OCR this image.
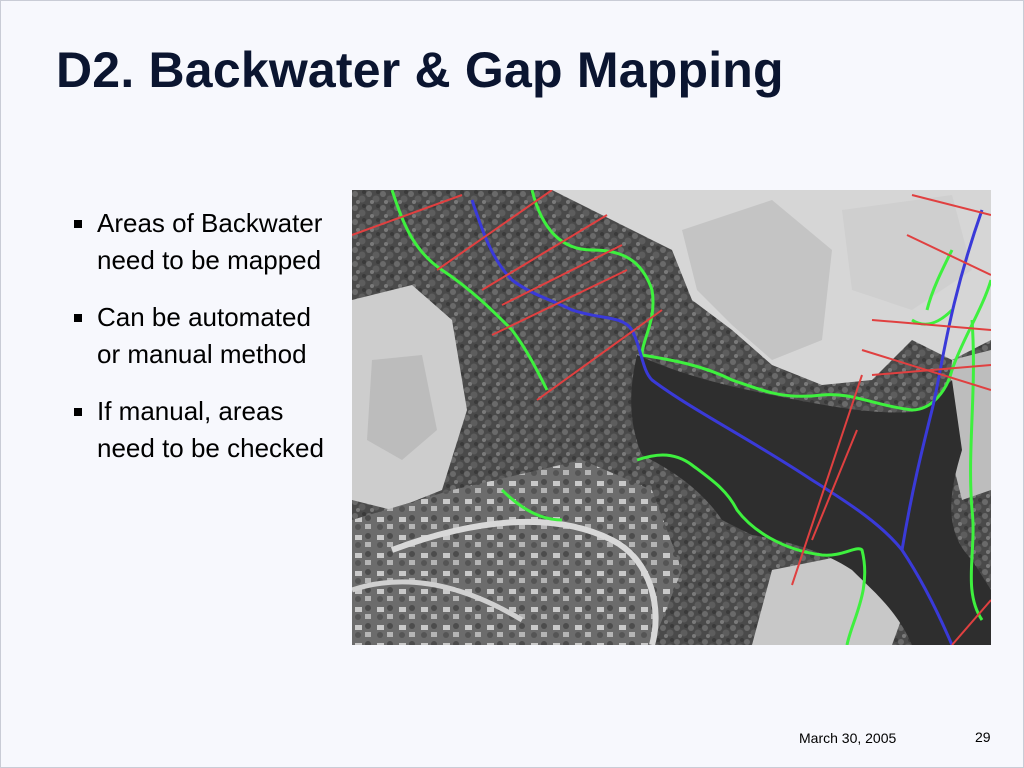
D2. Backwater & Gap Mapping
Areas of Backwater need to be mapped
Can be automated or manual method
If manual, areas need to be checked
March 30, 2005	29
